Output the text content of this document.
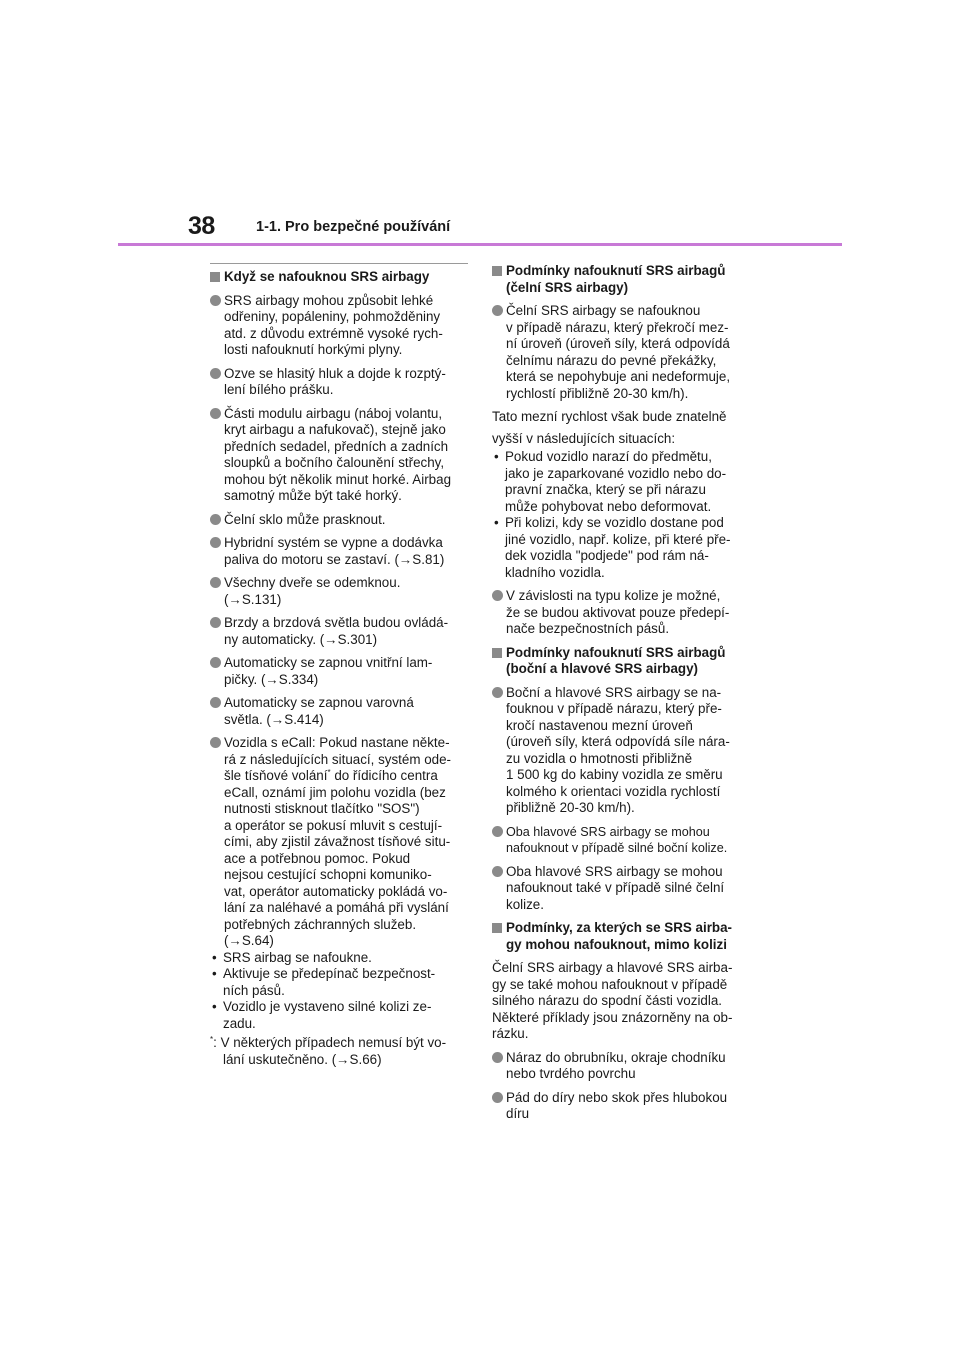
38	1-1. Pro bezpečné používání
Když se nafouknou SRS airbagy
SRS airbagy mohou způsobit lehké
odřeniny, popáleniny, pohmožděniny
atd. z důvodu extrémně vysoké rych-
losti nafouknutí horkými plyny.
Ozve se hlasitý hluk a dojde k rozptý-
lení bílého prášku.
Části modulu airbagu (náboj volantu,
kryt airbagu a nafukovač), stejně jako
předních sedadel, předních a zadních
sloupků a bočního čalounění střechy,
mohou být několik minut horké. Airbag
samotný může být také horký.
Čelní sklo může prasknout.
Hybridní systém se vypne a dodávka
paliva do motoru se zastaví. (→S.81)
Všechny dveře se odemknou.
(→S.131)
Brzdy a brzdová světla budou ovládá-
ny automaticky. (→S.301)
Automaticky se zapnou vnitřní lam-
pičky. (→S.334)
Automaticky se zapnou varovná
světla. (→S.414)
Vozidla s eCall: Pokud nastane někte-
rá z následujících situací, systém ode-
šle tísňové volání* do řídicího centra
eCall, oznámí jim polohu vozidla (bez
nutnosti stisknout tlačítko "SOS")
a operátor se pokusí mluvit s cestují-
cími, aby zjistil závažnost tísňové situ-
ace a potřebnou pomoc. Pokud
nejsou cestující schopni komuniko-
vat, operátor automaticky pokládá vo-
lání za naléhavé a pomáhá při vyslání
potřebných záchranných služeb.
(→S.64)
• SRS airbag se nafoukne.
• Aktivuje se předepínač bezpečnost-
ních pásů.
• Vozidlo je vystaveno silné kolizi ze-
zadu.
*: V některých případech nemusí být vo-
lání uskutečněno. (→S.66)
Podmínky nafouknutí SRS airbagů
(čelní SRS airbagy)
Čelní SRS airbagy se nafouknou
v případě nárazu, který překročí mez-
ní úroveň (úroveň síly, která odpovídá
čelnímu nárazu do pevné překážky,
která se nepohybuje ani nedeformuje,
rychlostí přibližně 20-30 km/h).
Tato mezní rychlost však bude znatelně
vyšší v následujících situacích:
• Pokud vozidlo narazí do předmětu,
jako je zaparkované vozidlo nebo do-
pravní značka, který se při nárazu
může pohybovat nebo deformovat.
• Při kolizi, kdy se vozidlo dostane pod
jiné vozidlo, např. kolize, při které pře-
dek vozidla "podjede" pod rám ná-
kladního vozidla.
V závislosti na typu kolize je možné,
že se budou aktivovat pouze předepí-
nače bezpečnostních pásů.
Podmínky nafouknutí SRS airbagů
(boční a hlavové SRS airbagy)
Boční a hlavové SRS airbagy se na-
fouknou v případě nárazu, který pře-
kročí nastavenou mezní úroveň
(úroveň síly, která odpovídá síle nára-
zu vozidla o hmotnosti přibližně
1 500 kg do kabiny vozidla ze směru
kolmého k orientaci vozidla rychlostí
přibližně 20-30 km/h).
Oba hlavové SRS airbagy se mohou
nafouknout v případě silné boční kolize.
Oba hlavové SRS airbagy se mohou
nafouknout také v případě silné čelní
kolize.
Podmínky, za kterých se SRS airba-
gy mohou nafouknout, mimo kolizi
Čelní SRS airbagy a hlavové SRS airba-
gy se také mohou nafouknout v případě
silného nárazu do spodní části vozidla.
Některé příklady jsou znázorněny na ob-
rázku.
Náraz do obrubníku, okraje chodníku
nebo tvrdého povrchu
Pád do díry nebo skok přes hlubokou
díru
